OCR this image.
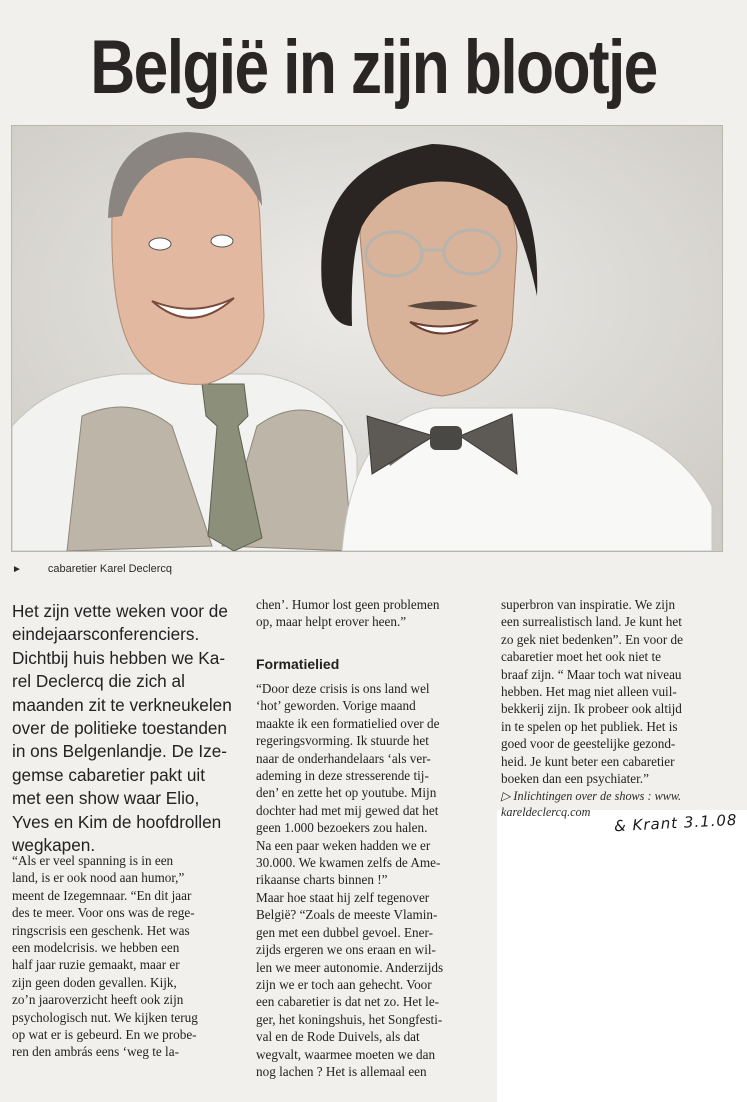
België in zijn blootje
► cabaretier Karel Declercq

Het zijn vette weken voor de
eindejaarsconferenciers.
Dichtbij huis hebben we Ka-
rel Declercq die zich al
maanden zit te verkneukelen
over de politieke toestanden
in ons Belgenlandje. De Ize-
gemse cabaretier pakt uit
met een show waar Elio,
Yves en Kim de hoofdrollen
wegkapen.

“Als er veel spanning is in een
land, is er ook nood aan humor,”
meent de Izegemnaar. “En dit jaar
des te meer. Voor ons was de rege-
ringscrisis een geschenk. Het was
een modelcrisis. we hebben een
half jaar ruzie gemaakt, maar er
zijn geen doden gevallen. Kijk,
zo’n jaaroverzicht heeft ook zijn
psychologisch nut. We kijken terug
op wat er is gebeurd. En we probe-
ren den ambrás eens ‘weg te la-

chen’. Humor lost geen problemen
op, maar helpt erover heen.”

Formatielied

“Door deze crisis is ons land wel
‘hot’ geworden. Vorige maand
maakte ik een formatielied over de
regeringsvorming. Ik stuurde het
naar de onderhandelaars ‘als ver-
ademing in deze stresserende tij-
den’ en zette het op youtube. Mijn
dochter had met mij gewed dat het
geen 1.000 bezoekers zou halen.
Na een paar weken hadden we er
30.000. We kwamen zelfs de Ame-
rikaanse charts binnen !”
Maar hoe staat hij zelf tegenover
België? “Zoals de meeste Vlamin-
gen met een dubbel gevoel. Ener-
zijds ergeren we ons eraan en wil-
len we meer autonomie. Anderzijds
zijn we er toch aan gehecht. Voor
een cabaretier is dat net zo. Het le-
ger, het koningshuis, het Songfesti-
val en de Rode Duivels, als dat
wegvalt, waarmee moeten we dan
nog lachen ? Het is allemaal een

superbron van inspiratie. We zijn
een surrealistisch land. Je kunt het
zo gek niet bedenken”. En voor de
cabaretier moet het ook niet te
braaf zijn. “ Maar toch wat niveau
hebben. Het mag niet alleen vuil-
bekkerij zijn. Ik probeer ook altijd
in te spelen op het publiek. Het is
goed voor de geestelijke gezond-
heid. Je kunt beter een cabaretier
boeken dan een psychiater.”

▷ Inlichtingen over de shows : www.
kareldeclercq.com	& Krant 3.1.08
